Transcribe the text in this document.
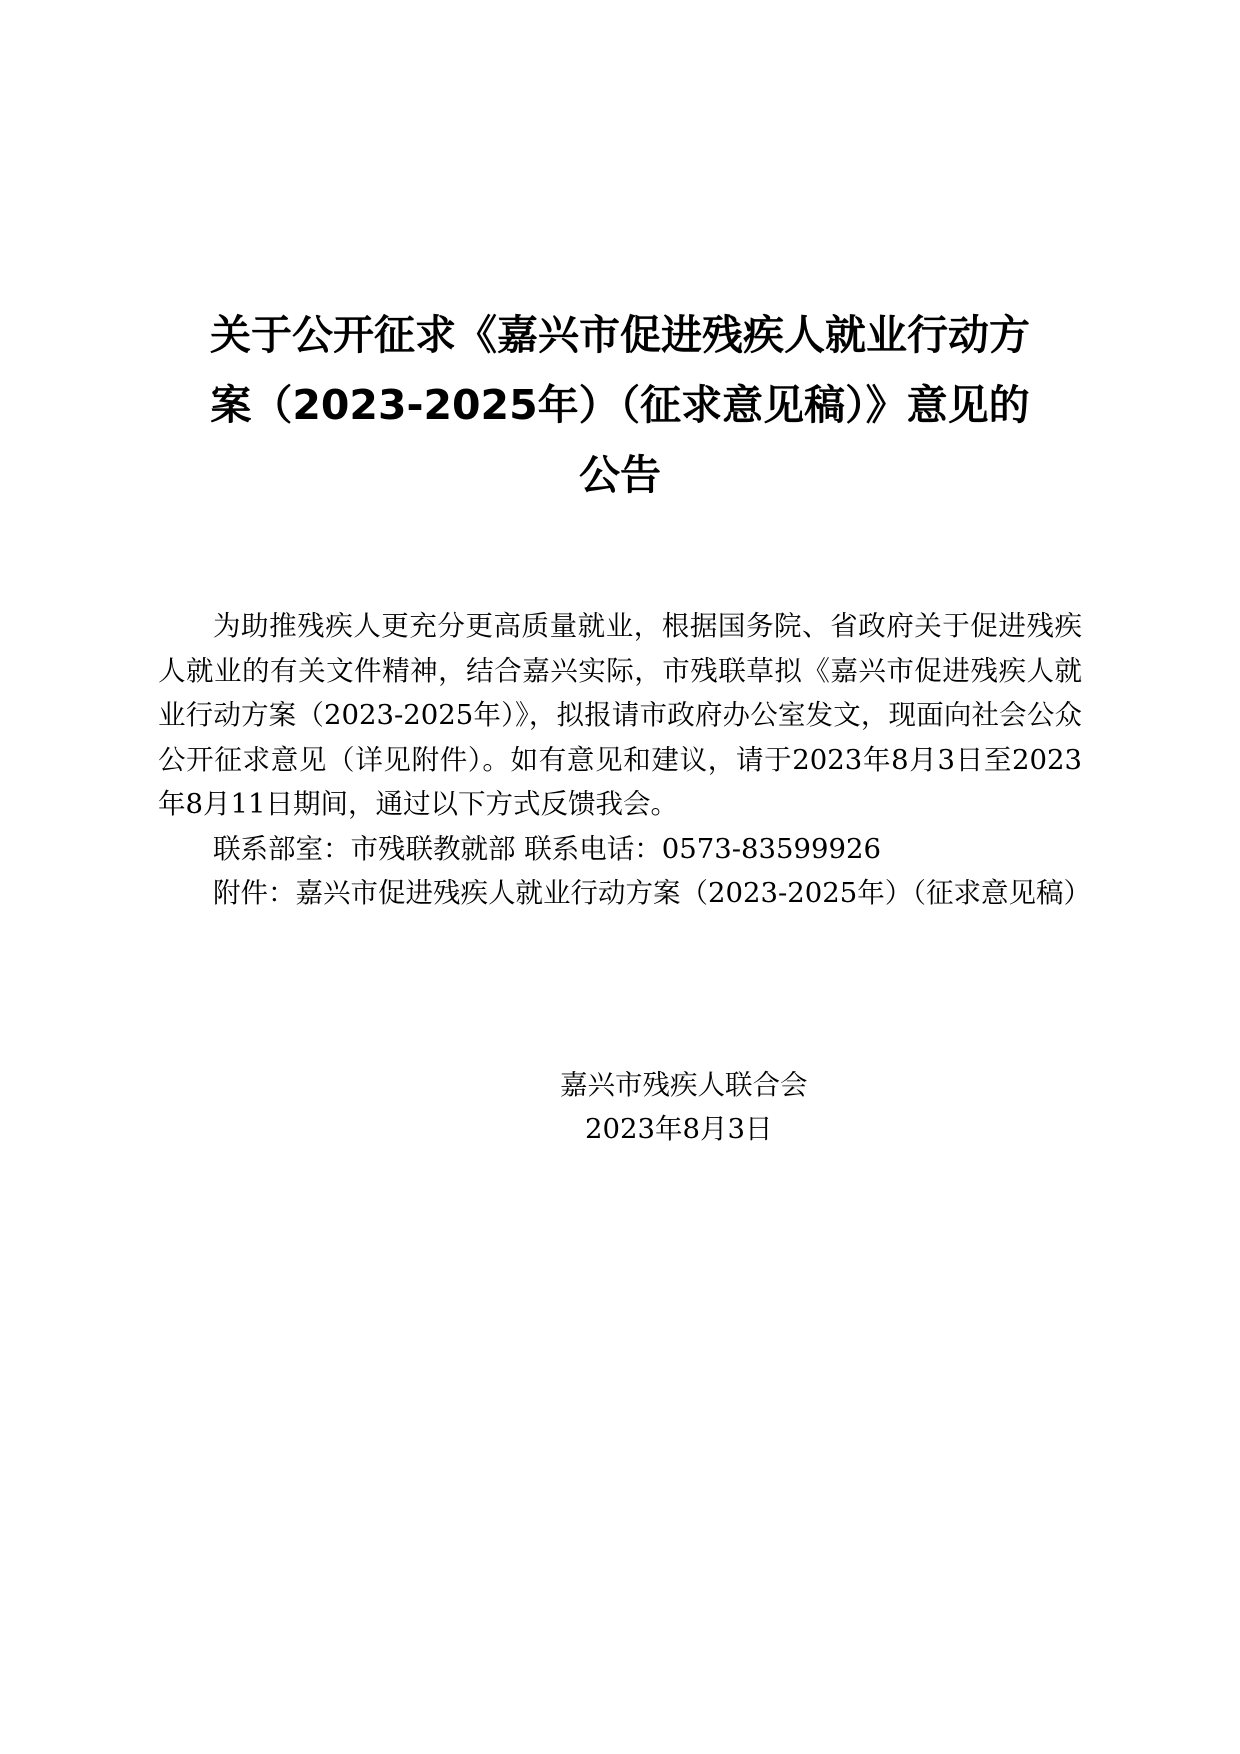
关于公开征求《嘉兴市促进残疾人就业行动方
案（2023-2025年）（征求意见稿）》意见的
公告

为助推残疾人更充分更高质量就业，根据国务院、省政府关于促进残疾人就业的有关文件精神，结合嘉兴实际，市残联草拟《嘉兴市促进残疾人就业行动方案（2023-2025年）》，拟报请市政府办公室发文，现面向社会公众公开征求意见（详见附件）。如有意见和建议，请于2023年8月3日至2023年8月11日期间，通过以下方式反馈我会。

联系部室：市残联教就部 联系电话：0573-83599926

附件：嘉兴市促进残疾人就业行动方案（2023-2025年）（征求意见稿）

嘉兴市残疾人联合会
2023年8月3日
